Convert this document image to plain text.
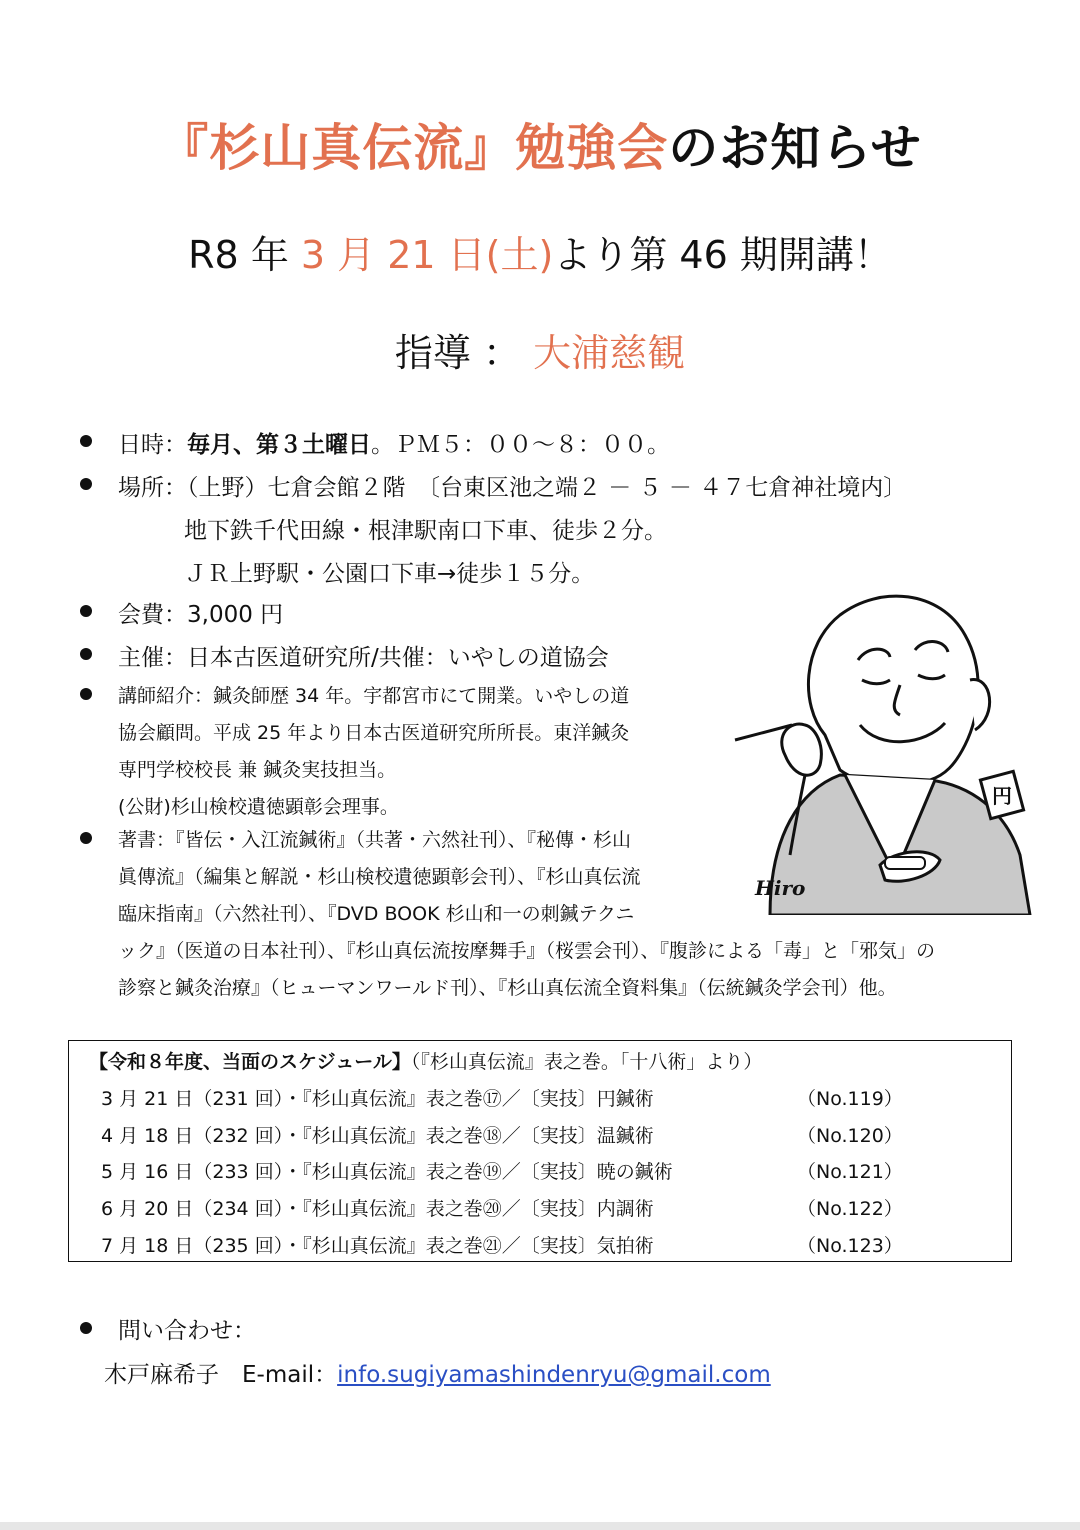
『杉山真伝流』勉強会のお知らせ
R8 年 3 月 21 日(土)より第 46 期開講！
指導 ： 大浦慈観
日時：毎月、第３土曜日。ＰＭ５：００～８：００。
場所：（上野）七倉会館２階　〔台東区池之端２ － ５ － ４７七倉神社境内〕
地下鉄千代田線・根津駅南口下車、徒歩２分。
ＪＲ上野駅・公園口下車→徒歩１５分。
会費：3,000 円
主催：日本古医道研究所/共催：いやしの道協会
講師紹介：鍼灸師歴 34 年。宇都宮市にて開業。いやしの道
協会顧問。平成 25 年より日本古医道研究所所長。東洋鍼灸
専門学校校長 兼 鍼灸実技担当。
(公財)杉山検校遺徳顕彰会理事。
著書：『皆伝・入江流鍼術』（共著・六然社刊）、『秘傳・杉山
眞傳流』（編集と解説・杉山検校遺徳顕彰会刊）、『杉山真伝流
臨床指南』（六然社刊）、『DVD BOOK 杉山和一の刺鍼テクニ
ック』（医道の日本社刊）、『杉山真伝流按摩舞手』（桜雲会刊）、『腹診による「毒」と「邪気」の
診察と鍼灸治療』（ヒューマンワールド刊）、『杉山真伝流全資料集』（伝統鍼灸学会刊）他。
円
Hiro
【令和８年度、当面のスケジュール】（『杉山真伝流』表之巻。「十八術」より）
3 月 21 日（231 回）・『杉山真伝流』表之巻⑰／〔実技〕円鍼術	（No.119）
4 月 18 日（232 回）・『杉山真伝流』表之巻⑱／〔実技〕温鍼術	（No.120）
5 月 16 日（233 回）・『杉山真伝流』表之巻⑲／〔実技〕暁の鍼術	（No.121）
6 月 20 日（234 回）・『杉山真伝流』表之巻⑳／〔実技〕内調術	（No.122）
7 月 18 日（235 回）・『杉山真伝流』表之巻㉑／〔実技〕気拍術	（No.123）
問い合わせ：
木戸麻希子　E-mail：info.sugiyamashindenryu@gmail.com
